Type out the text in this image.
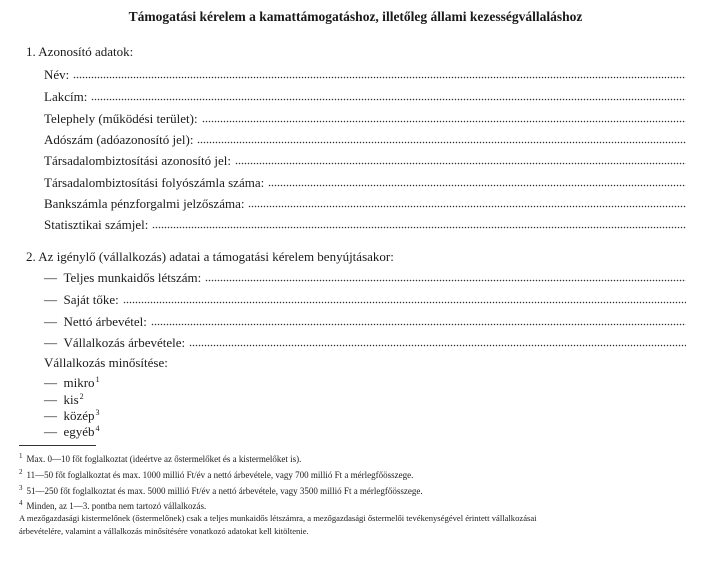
Támogatási kérelem a kamattámogatáshoz, illetőleg állami kezességvállaláshoz
1. Azonosító adatok:
Név:
Lakcím:
Telephely (működési terület):
Adószám (adóazonosító jel):
Társadalombiztosítási azonosító jel:
Társadalombiztosítási folyószámla száma:
Bankszámla pénzforgalmi jelzőszáma:
Statisztikai számjel:
2. Az igénylő (vállalkozás) adatai a támogatási kérelem benyújtásakor:
—
Teljes munkaidős létszám:
—
Saját tőke:
—
Nettó árbevétel:
—
Vállalkozás árbevétele:
Vállalkozás minősítése:
— mikro$^1$
— kis$^2$
— közép$^3$
— egyéb$^4$
$^1$ Max. 0—10 főt foglalkoztat (ideértve az őstermelőket és a kistermelőket is).
$^2$ 11—50 főt foglalkoztat és max. 1000 millió Ft/év a nettó árbevétele, vagy 700 millió Ft a mérlegfőösszege.
$^3$ 51—250 főt foglalkoztat és max. 5000 millió Ft/év a nettó árbevétele, vagy 3500 millió Ft a mérlegfőösszege.
$^4$ Minden, az 1—3. pontba nem tartozó vállalkozás.
A mezőgazdasági kistermelőnek (őstermelőnek) csak a teljes munkaidős létszámra, a mezőgazdasági őstermelői tevékenységével érintett vállalkozásai
árbevételére, valamint a vállalkozás minősítésére vonatkozó adatokat kell kitöltenie.
